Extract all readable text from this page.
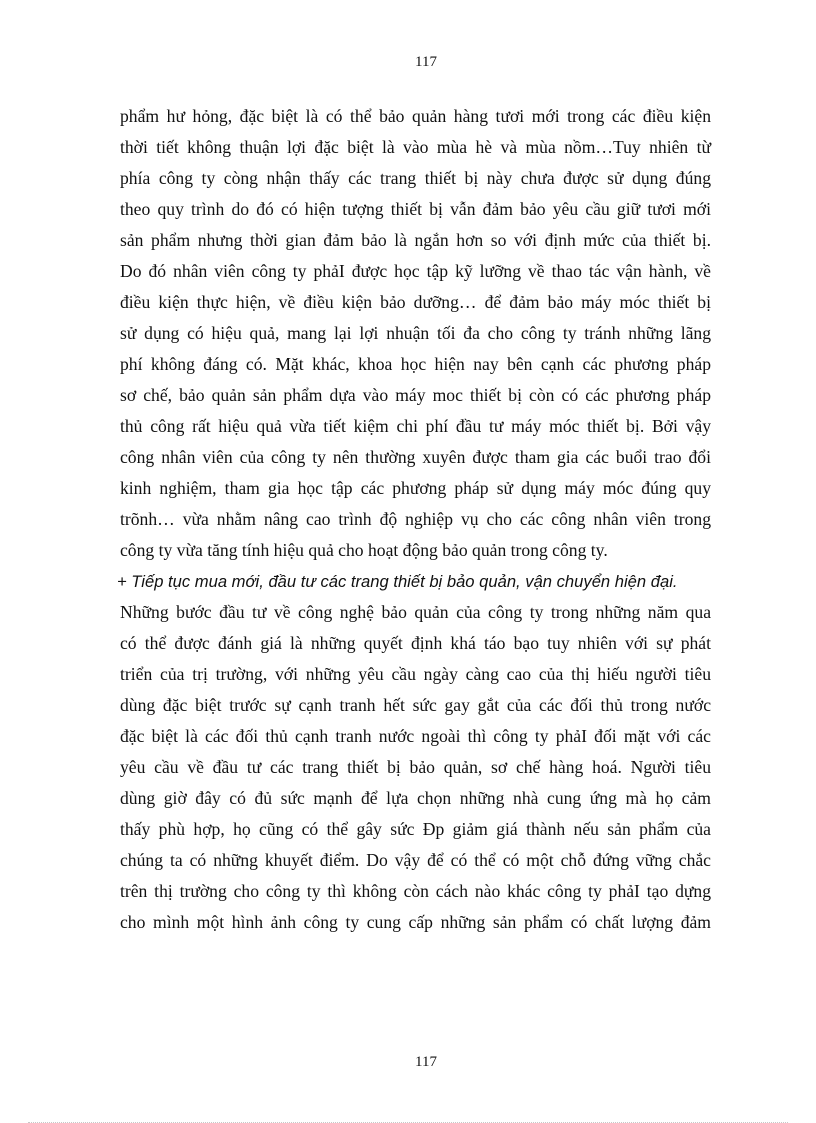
117
phẩm hư hỏng, đặc biệt là có thể bảo quản hàng tươi mới trong các điều kiện
thời tiết không thuận lợi đặc biệt là vào mùa hè và mùa nồm…Tuy nhiên từ
phía công ty còng nhận thấy các trang thiết bị này chưa được sử dụng đúng
theo quy trình do đó có hiện tượng thiết bị vẫn đảm bảo yêu cầu giữ tươi mới
sản phẩm nhưng thời gian đảm bảo là ngắn hơn so với định mức của thiết bị.
Do đó nhân viên công ty phảI được học tập kỹ lưỡng về thao tác vận hành, về
điều kiện thực hiện, về điều kiện bảo dưỡng… để đảm bảo máy móc thiết bị
sử dụng có hiệu quả, mang lại lợi nhuận tối đa cho công ty tránh những lãng
phí không đáng có. Mặt khác, khoa học hiện nay bên cạnh các phương pháp
sơ chế, bảo quản sản phẩm dựa vào máy moc thiết bị còn có các phương pháp
thủ công rất hiệu quả vừa tiết kiệm chi phí đầu tư máy móc thiết bị. Bởi vậy
công nhân viên của công ty nên thường xuyên được tham gia các buổi trao đổi
kinh nghiệm, tham gia học tập các phương pháp sử dụng máy móc đúng quy
trõnh… vừa nhằm nâng cao trình độ nghiệp vụ cho các công nhân viên trong
công ty vừa tăng tính hiệu quả cho hoạt động bảo quản trong công ty.
+ Tiếp tục mua mới, đầu tư các trang thiết bị bảo quản, vận chuyển hiện đại.
Những bước đầu tư về công nghệ bảo quản của công ty trong những năm qua
có thể được đánh giá là những quyết định khá táo bạo tuy nhiên với sự phát
triển của trị trường, với những yêu cầu ngày càng cao của thị hiếu người tiêu
dùng đặc biệt trước sự cạnh tranh hết sức gay gắt của các đối thủ trong nước
đặc biệt là các đối thủ cạnh tranh nước ngoài thì công ty phảI đối mặt với các
yêu cầu về đầu tư các trang thiết bị bảo quản, sơ chế hàng hoá. Người tiêu
dùng giờ đây có đủ sức mạnh để lựa chọn những nhà cung ứng mà họ cảm
thấy phù hợp, họ cũng có thể gây sức Đp giảm giá thành nếu sản phẩm của
chúng ta có những khuyết điểm. Do vậy để có thể có một chỗ đứng vững chắc
trên thị trường cho công ty thì không còn cách nào khác công ty phảI tạo dựng
cho mình một hình ảnh công ty cung cấp những sản phẩm có chất lượng đảm
117
